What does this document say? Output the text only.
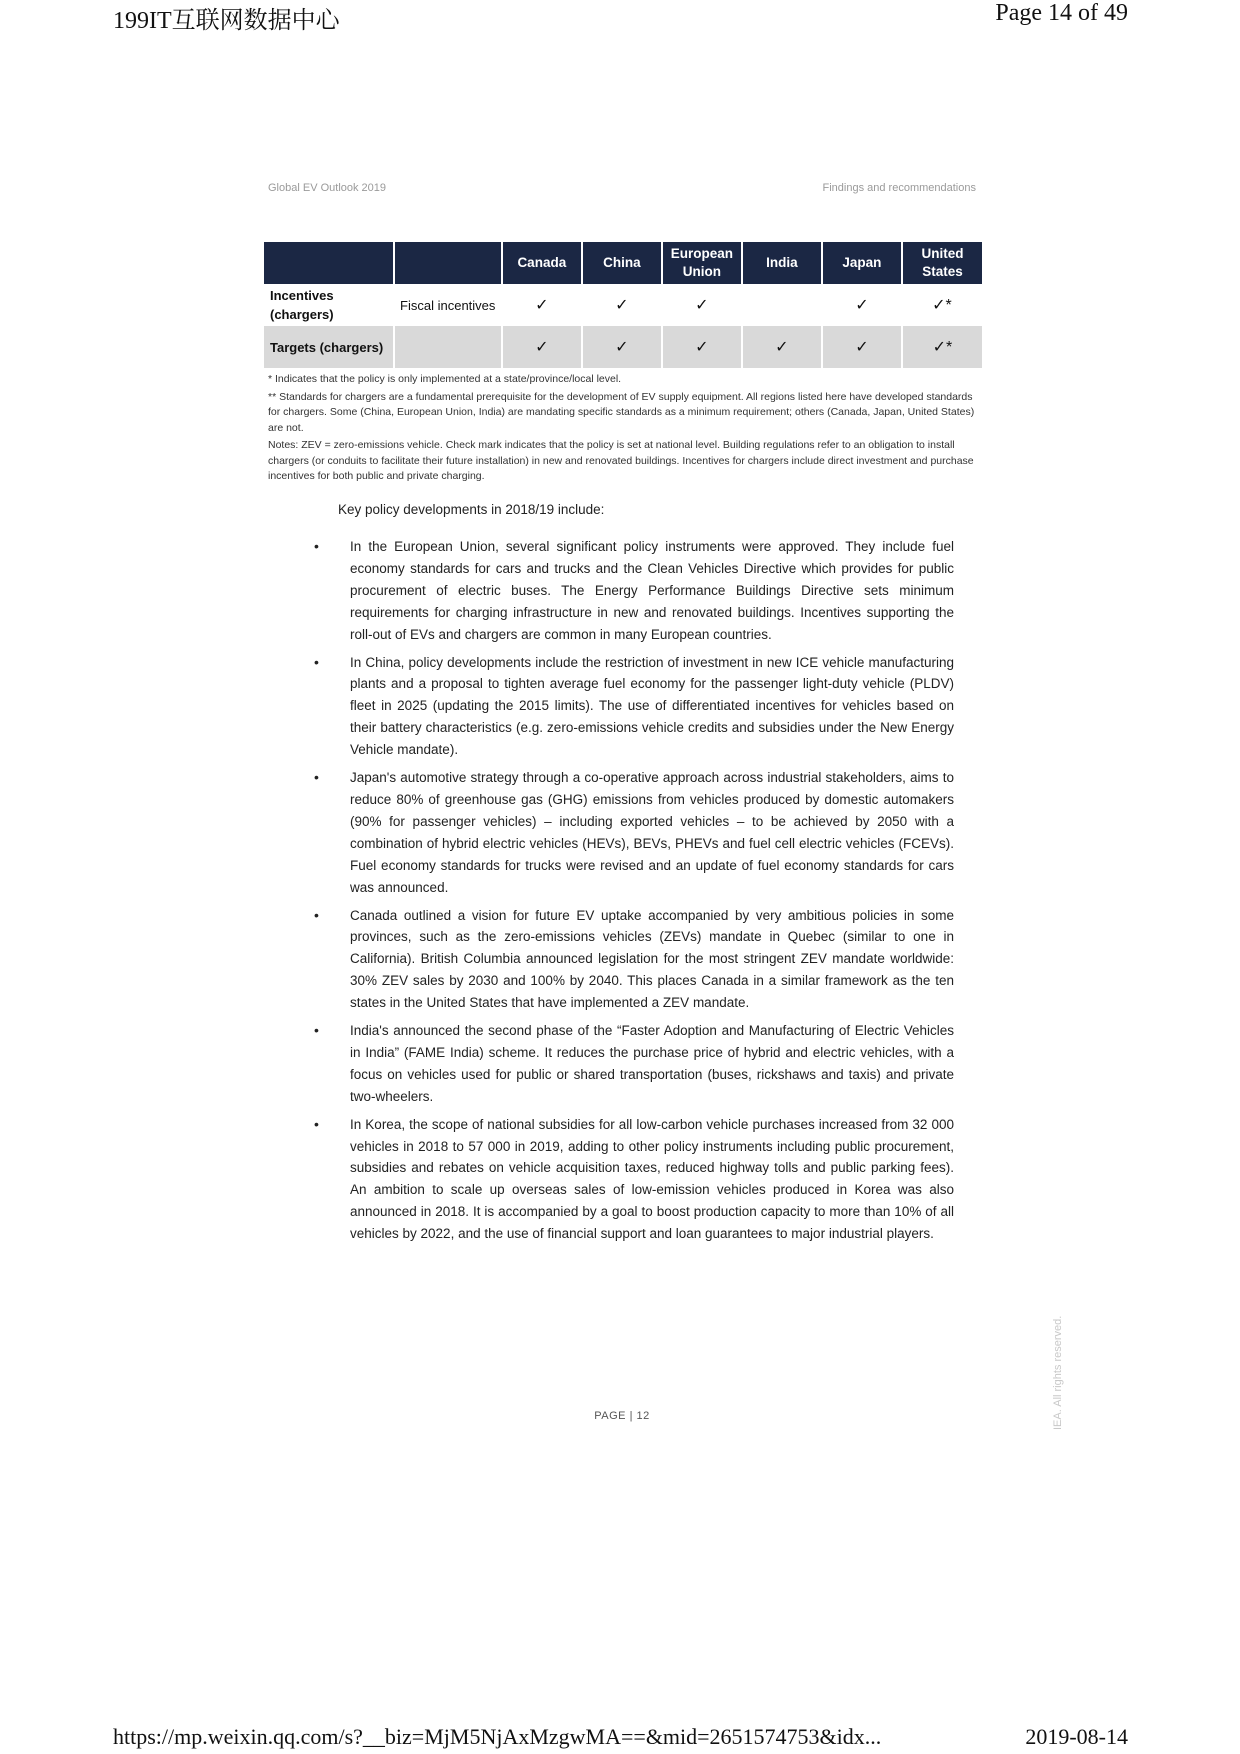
199IT互联网数据中心	Page 14 of 49
Global EV Outlook 2019	Findings and recommendations
		Canada	China	European Union	India	Japan	United States
Incentives (chargers)	Fiscal incentives	✓	✓	✓		✓	✓*
Targets (chargers)		✓	✓	✓	✓	✓	✓*

* Indicates that the policy is only implemented at a state/province/local level.

** Standards for chargers are a fundamental prerequisite for the development of EV supply equipment. All regions listed here have developed standards for chargers. Some (China, European Union, India) are mandating specific standards as a minimum requirement; others (Canada, Japan, United States) are not.

Notes: ZEV = zero-emissions vehicle. Check mark indicates that the policy is set at national level. Building regulations refer to an obligation to install chargers (or conduits to facilitate their future installation) in new and renovated buildings. Incentives for chargers include direct investment and purchase incentives for both public and private charging.

Key policy developments in 2018/19 include:
• In the European Union, several significant policy instruments were approved. They include fuel economy standards for cars and trucks and the Clean Vehicles Directive which provides for public procurement of electric buses. The Energy Performance Buildings Directive sets minimum requirements for charging infrastructure in new and renovated buildings. Incentives supporting the roll-out of EVs and chargers are common in many European countries.
• In China, policy developments include the restriction of investment in new ICE vehicle manufacturing plants and a proposal to tighten average fuel economy for the passenger light-duty vehicle (PLDV) fleet in 2025 (updating the 2015 limits). The use of differentiated incentives for vehicles based on their battery characteristics (e.g. zero-emissions vehicle credits and subsidies under the New Energy Vehicle mandate).
• Japan's automotive strategy through a co-operative approach across industrial stakeholders, aims to reduce 80% of greenhouse gas (GHG) emissions from vehicles produced by domestic automakers (90% for passenger vehicles) – including exported vehicles – to be achieved by 2050 with a combination of hybrid electric vehicles (HEVs), BEVs, PHEVs and fuel cell electric vehicles (FCEVs). Fuel economy standards for trucks were revised and an update of fuel economy standards for cars was announced.
• Canada outlined a vision for future EV uptake accompanied by very ambitious policies in some provinces, such as the zero-emissions vehicles (ZEVs) mandate in Quebec (similar to one in California). British Columbia announced legislation for the most stringent ZEV mandate worldwide: 30% ZEV sales by 2030 and 100% by 2040. This places Canada in a similar framework as the ten states in the United States that have implemented a ZEV mandate.
• India's announced the second phase of the “Faster Adoption and Manufacturing of Electric Vehicles in India” (FAME India) scheme. It reduces the purchase price of hybrid and electric vehicles, with a focus on vehicles used for public or shared transportation (buses, rickshaws and taxis) and private two-wheelers.
• In Korea, the scope of national subsidies for all low-carbon vehicle purchases increased from 32 000 vehicles in 2018 to 57 000 in 2019, adding to other policy instruments including public procurement, subsidies and rebates on vehicle acquisition taxes, reduced highway tolls and public parking fees). An ambition to scale up overseas sales of low-emission vehicles produced in Korea was also announced in 2018. It is accompanied by a goal to boost production capacity to more than 10% of all vehicles by 2022, and the use of financial support and loan guarantees to major industrial players.
PAGE | 12	IEA. All rights reserved.
https://mp.weixin.qq.com/s?__biz=MjM5NjAxMzgwMA==&mid=2651574753&idx...	2019-08-14
